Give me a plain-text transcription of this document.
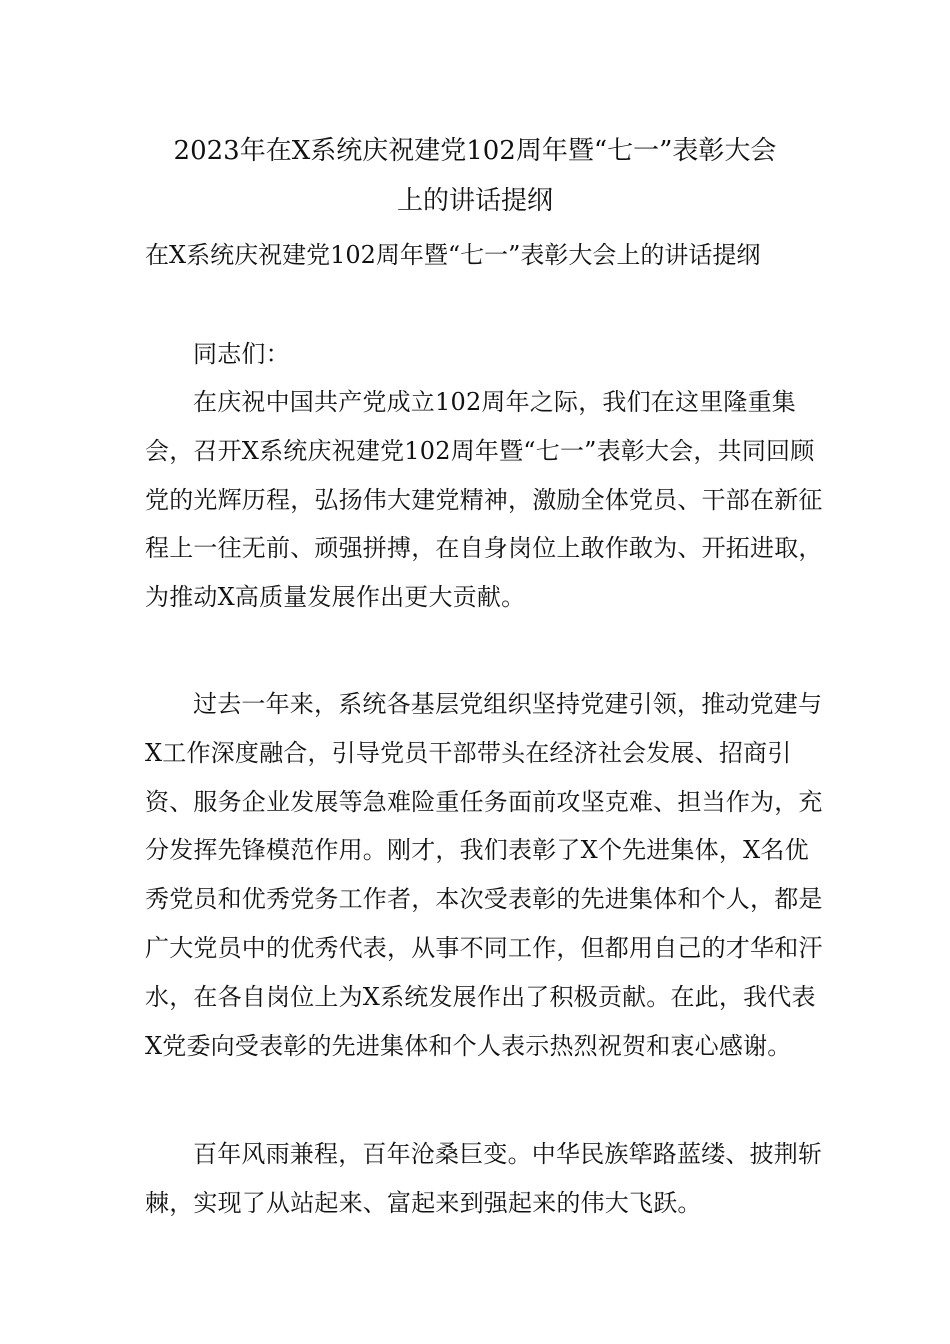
2023年在X系统庆祝建党102周年暨“七一”表彰大会
上的讲话提纲

在X系统庆祝建党102周年暨“七一”表彰大会上的讲话提纲

同志们：

在庆祝中国共产党成立102周年之际，我们在这里隆重集会，召开X系统庆祝建党102周年暨“七一”表彰大会，共同回顾党的光辉历程，弘扬伟大建党精神，激励全体党员、干部在新征程上一往无前、顽强拼搏，在自身岗位上敢作敢为、开拓进取，为推动X高质量发展作出更大贡献。

过去一年来，系统各基层党组织坚持党建引领，推动党建与X工作深度融合，引导党员干部带头在经济社会发展、招商引资、服务企业发展等急难险重任务面前攻坚克难、担当作为，充分发挥先锋模范作用。刚才，我们表彰了X个先进集体，X名优秀党员和优秀党务工作者，本次受表彰的先进集体和个人，都是广大党员中的优秀代表，从事不同工作，但都用自己的才华和汗水，在各自岗位上为X系统发展作出了积极贡献。在此，我代表X党委向受表彰的先进集体和个人表示热烈祝贺和衷心感谢。

百年风雨兼程，百年沧桑巨变。中华民族筚路蓝缕、披荆斩棘，实现了从站起来、富起来到强起来的伟大飞跃。
